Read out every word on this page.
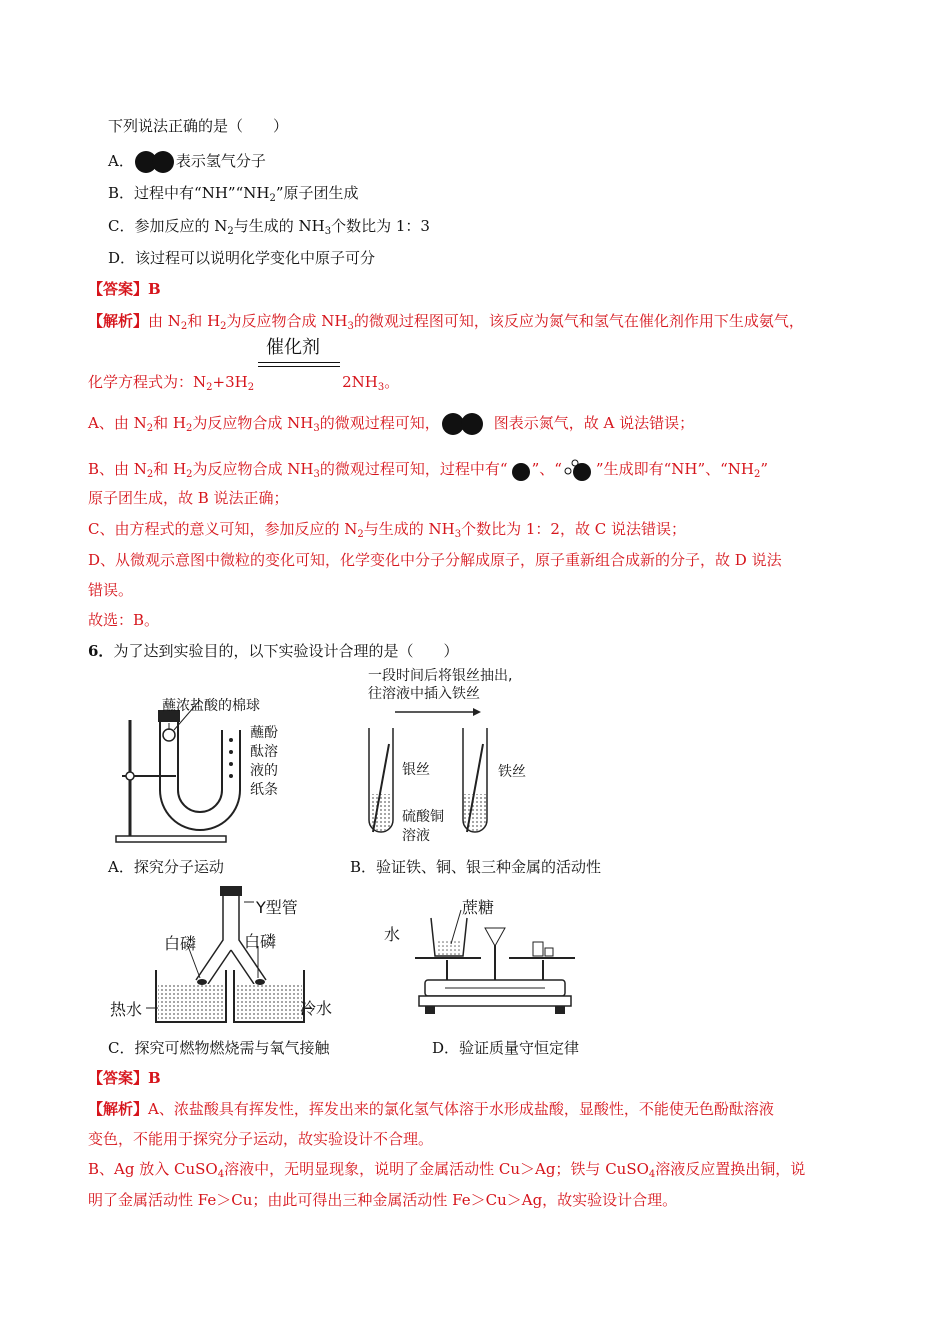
下列说法正确的是（　　）
A．	表示氢气分子
B．过程中有“$NH”“NH_2$”原子团生成
C．参加反应的 $N_2$与生成的 $NH_3$个数比为 1：3
D．该过程可以说明化学变化中原子可分
【答案】B
【解析】由 $N_2$和 $H_2$为反应物合成 $NH_3$的微观过程图可知，该反应为氮气和氢气在催化剂作用下生成氨气，
催化剂
化学方程式为：$N_2+3H_2$	$2NH_3$。
A、由 $N_2$和 $H_2$为反应物合成 $NH_3$的微观过程可知，	图表示氮气，故 A 说法错误；
B、由 $N_2$和 $H_2$为反应物合成 $NH_3$的微观过程可知，过程中有“ ”、“ ”生成即有“NH”、“$NH_2$”
原子团生成，故 B 说法正确；
C、由方程式的意义可知，参加反应的 $N_2$与生成的 $NH_3$个数比为 1：2，故 C 说法错误；
D、从微观示意图中微粒的变化可知，化学变化中分子分解成原子，原子重新组合成新的分子，故 D 说法
错误。
故选：B。
6．为了达到实验目的，以下实验设计合理的是（　　）
蘸浓盐酸的棉球
蘸酚
酞溶
液的
纸条
A．探究分子运动
一段时间后将银丝抽出,
往溶液中插入铁丝
银丝
硫酸铜
溶液
铁丝
B．验证铁、铜、银三种金属的活动性
Y型管
白磷	白磷
热水	冷水
C．探究可燃物燃烧需与氧气接触
蔗糖
水
D．验证质量守恒定律
【答案】B
【解析】A、浓盐酸具有挥发性，挥发出来的氯化氢气体溶于水形成盐酸，显酸性，不能使无色酚酞溶液
变色，不能用于探究分子运动，故实验设计不合理。
B、Ag 放入 CuSO$_4$溶液中，无明显现象，说明了金属活动性 Cu＞Ag；铁与 CuSO$_4$溶液反应置换出铜，说
明了金属活动性 Fe＞Cu；由此可得出三种金属活动性 Fe＞Cu＞Ag，故实验设计合理。
